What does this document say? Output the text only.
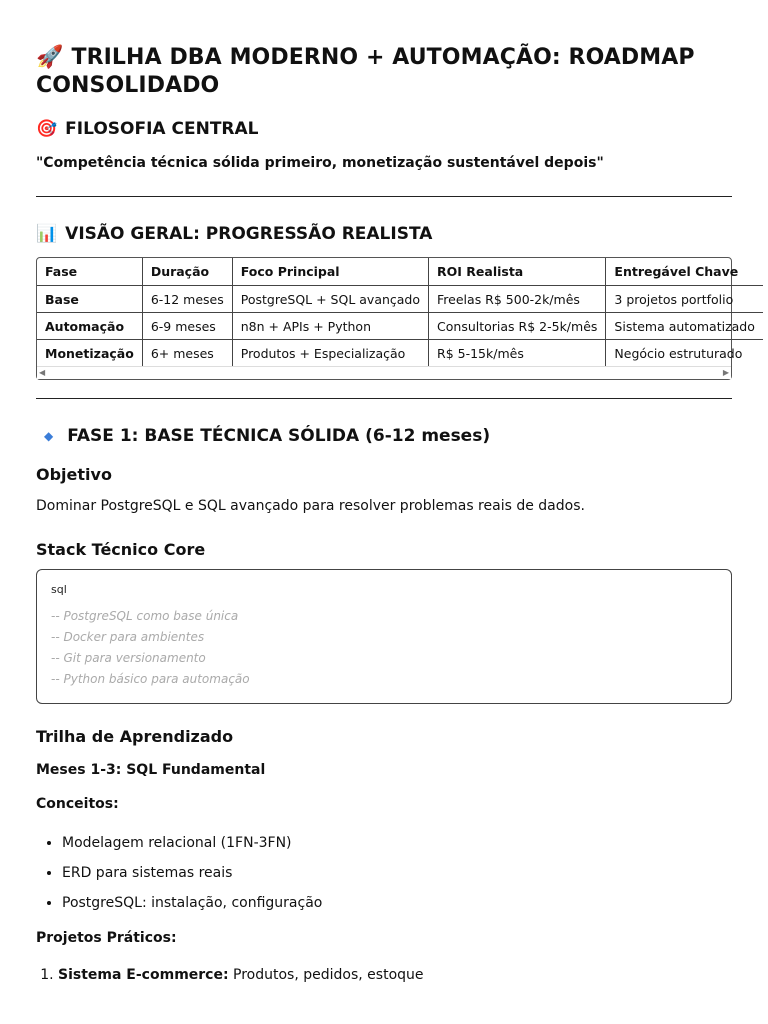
🚀 TRILHA DBA MODERNO + AUTOMAÇÃO: ROADMAP CONSOLIDADO
🎯 FILOSOFIA CENTRAL

"Competência técnica sólida primeiro, monetização sustentável depois"

📊 VISÃO GERAL: PROGRESSÃO REALISTA
Fase	Duração	Foco Principal	ROI Realista	Entregável Chave
Base	6-12 meses	PostgreSQL + SQL avançado	Freelas R$ 500-2k/mês	3 projetos portfolio
Automação	6-9 meses	n8n + APIs + Python	Consultorias R$ 2-5k/mês	Sistema automatizado
Monetização	6+ meses	Produtos + Especialização	R$ 5-15k/mês	Negócio estruturado
◀	▶
◆ FASE 1: BASE TÉCNICA SÓLIDA (6-12 meses)
Objetivo
Dominar PostgreSQL e SQL avançado para resolver problemas reais de dados.
Stack Técnico Core
sql
-- PostgreSQL como base única
-- Docker para ambientes
-- Git para versionamento
-- Python básico para automação
Trilha de Aprendizado
Meses 1-3: SQL Fundamental
Conceitos:
• Modelagem relacional (1FN-3FN)
• ERD para sistemas reais
• PostgreSQL: instalação, configuração
Projetos Práticos:
1. Sistema E-commerce: Produtos, pedidos, estoque
